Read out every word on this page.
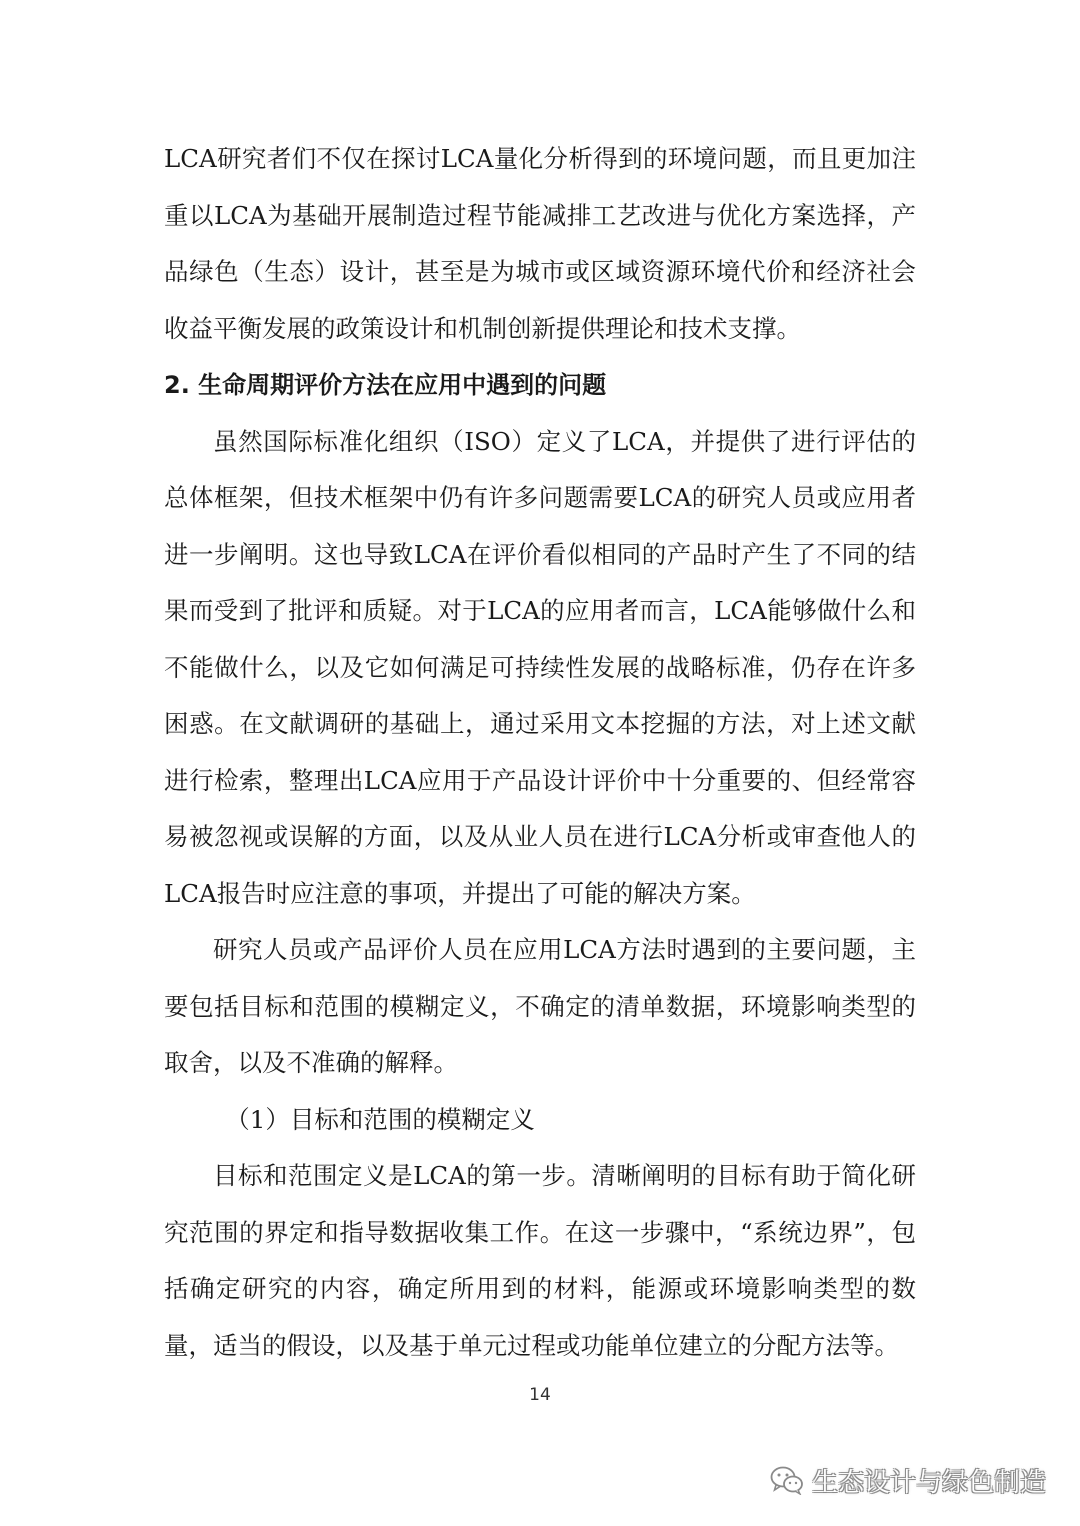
LCA研究者们不仅在探讨LCA量化分析得到的环境问题，而且更加注重以LCA为基础开展制造过程节能减排工艺改进与优化方案选择，产品绿色（生态）设计，甚至是为城市或区域资源环境代价和经济社会收益平衡发展的政策设计和机制创新提供理论和技术支撑。

2. 生命周期评价方法在应用中遇到的问题

虽然国际标准化组织（ISO）定义了LCA，并提供了进行评估的总体框架，但技术框架中仍有许多问题需要LCA的研究人员或应用者进一步阐明。这也导致LCA在评价看似相同的产品时产生了不同的结果而受到了批评和质疑。对于LCA的应用者而言，LCA能够做什么和不能做什么，以及它如何满足可持续性发展的战略标准，仍存在许多困惑。在文献调研的基础上，通过采用文本挖掘的方法，对上述文献进行检索，整理出LCA应用于产品设计评价中十分重要的、但经常容易被忽视或误解的方面，以及从业人员在进行LCA分析或审查他人的LCA报告时应注意的事项，并提出了可能的解决方案。

研究人员或产品评价人员在应用LCA方法时遇到的主要问题，主要包括目标和范围的模糊定义，不确定的清单数据，环境影响类型的取舍，以及不准确的解释。

（1）目标和范围的模糊定义

目标和范围定义是LCA的第一步。清晰阐明的目标有助于简化研究范围的界定和指导数据收集工作。在这一步骤中，“系统边界”，包括确定研究的内容，确定所用到的材料，能源或环境影响类型的数量，适当的假设，以及基于单元过程或功能单位建立的分配方法等。

14
生态设计与绿色制造
